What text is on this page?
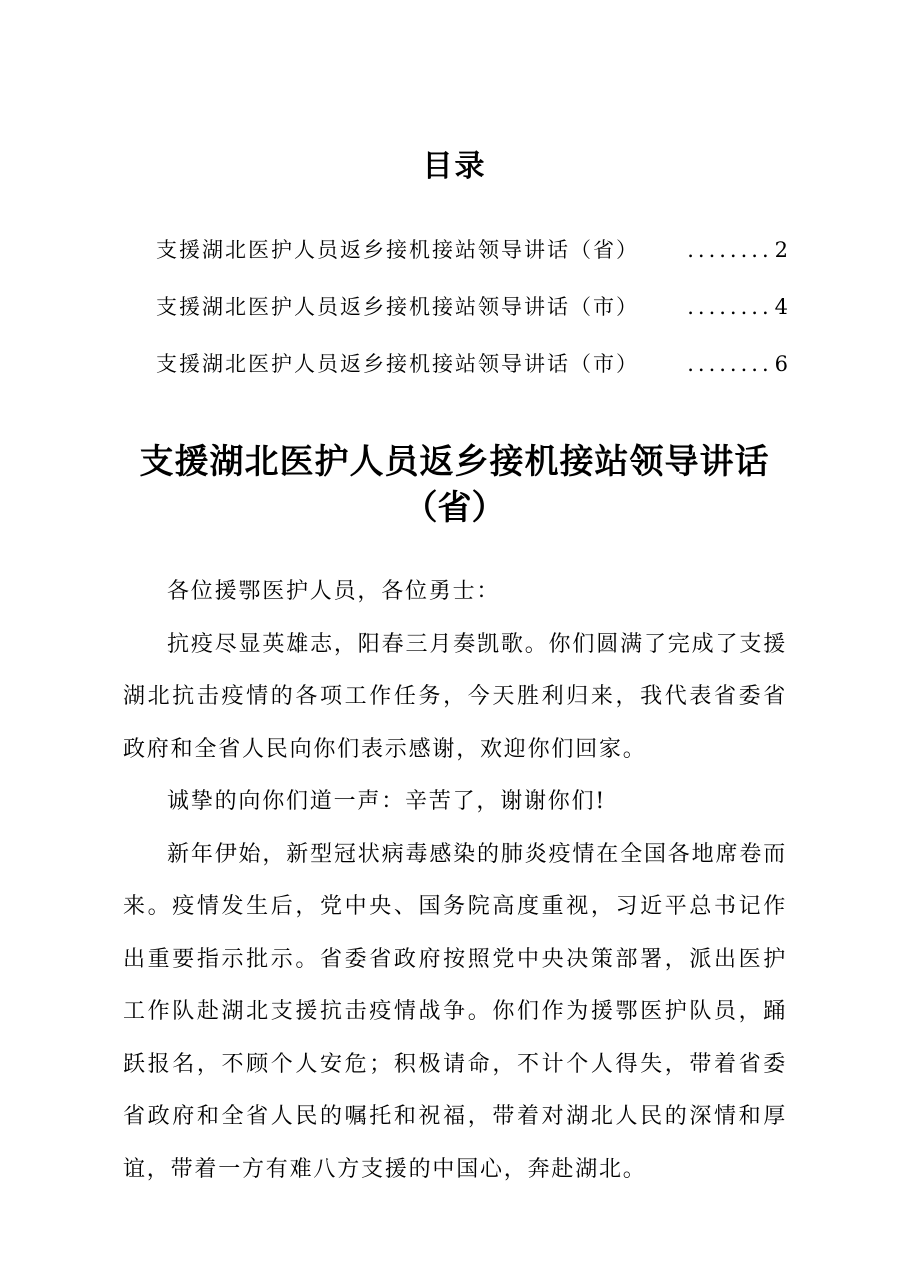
目录
支援湖北医护人员返乡接机接站领导讲话（省）	........ 2
支援湖北医护人员返乡接机接站领导讲话（市）	........ 4
支援湖北医护人员返乡接机接站领导讲话（市）	........ 6
支援湖北医护人员返乡接机接站领导讲话
（省）

各位援鄂医护人员，各位勇士：

抗疫尽显英雄志，阳春三月奏凯歌。你们圆满了完成了支援湖北抗击疫情的各项工作任务，今天胜利归来，我代表省委省政府和全省人民向你们表示感谢，欢迎你们回家。

诚挚的向你们道一声：辛苦了，谢谢你们!

新年伊始，新型冠状病毒感染的肺炎疫情在全国各地席卷而来。疫情发生后，党中央、国务院高度重视，习近平总书记作出重要指示批示。省委省政府按照党中央决策部署，派出医护工作队赴湖北支援抗击疫情战争。你们作为援鄂医护队员，踊跃报名，不顾个人安危；积极请命，不计个人得失，带着省委省政府和全省人民的嘱托和祝福，带着对湖北人民的深情和厚谊，带着一方有难八方支援的中国心，奔赴湖北。
